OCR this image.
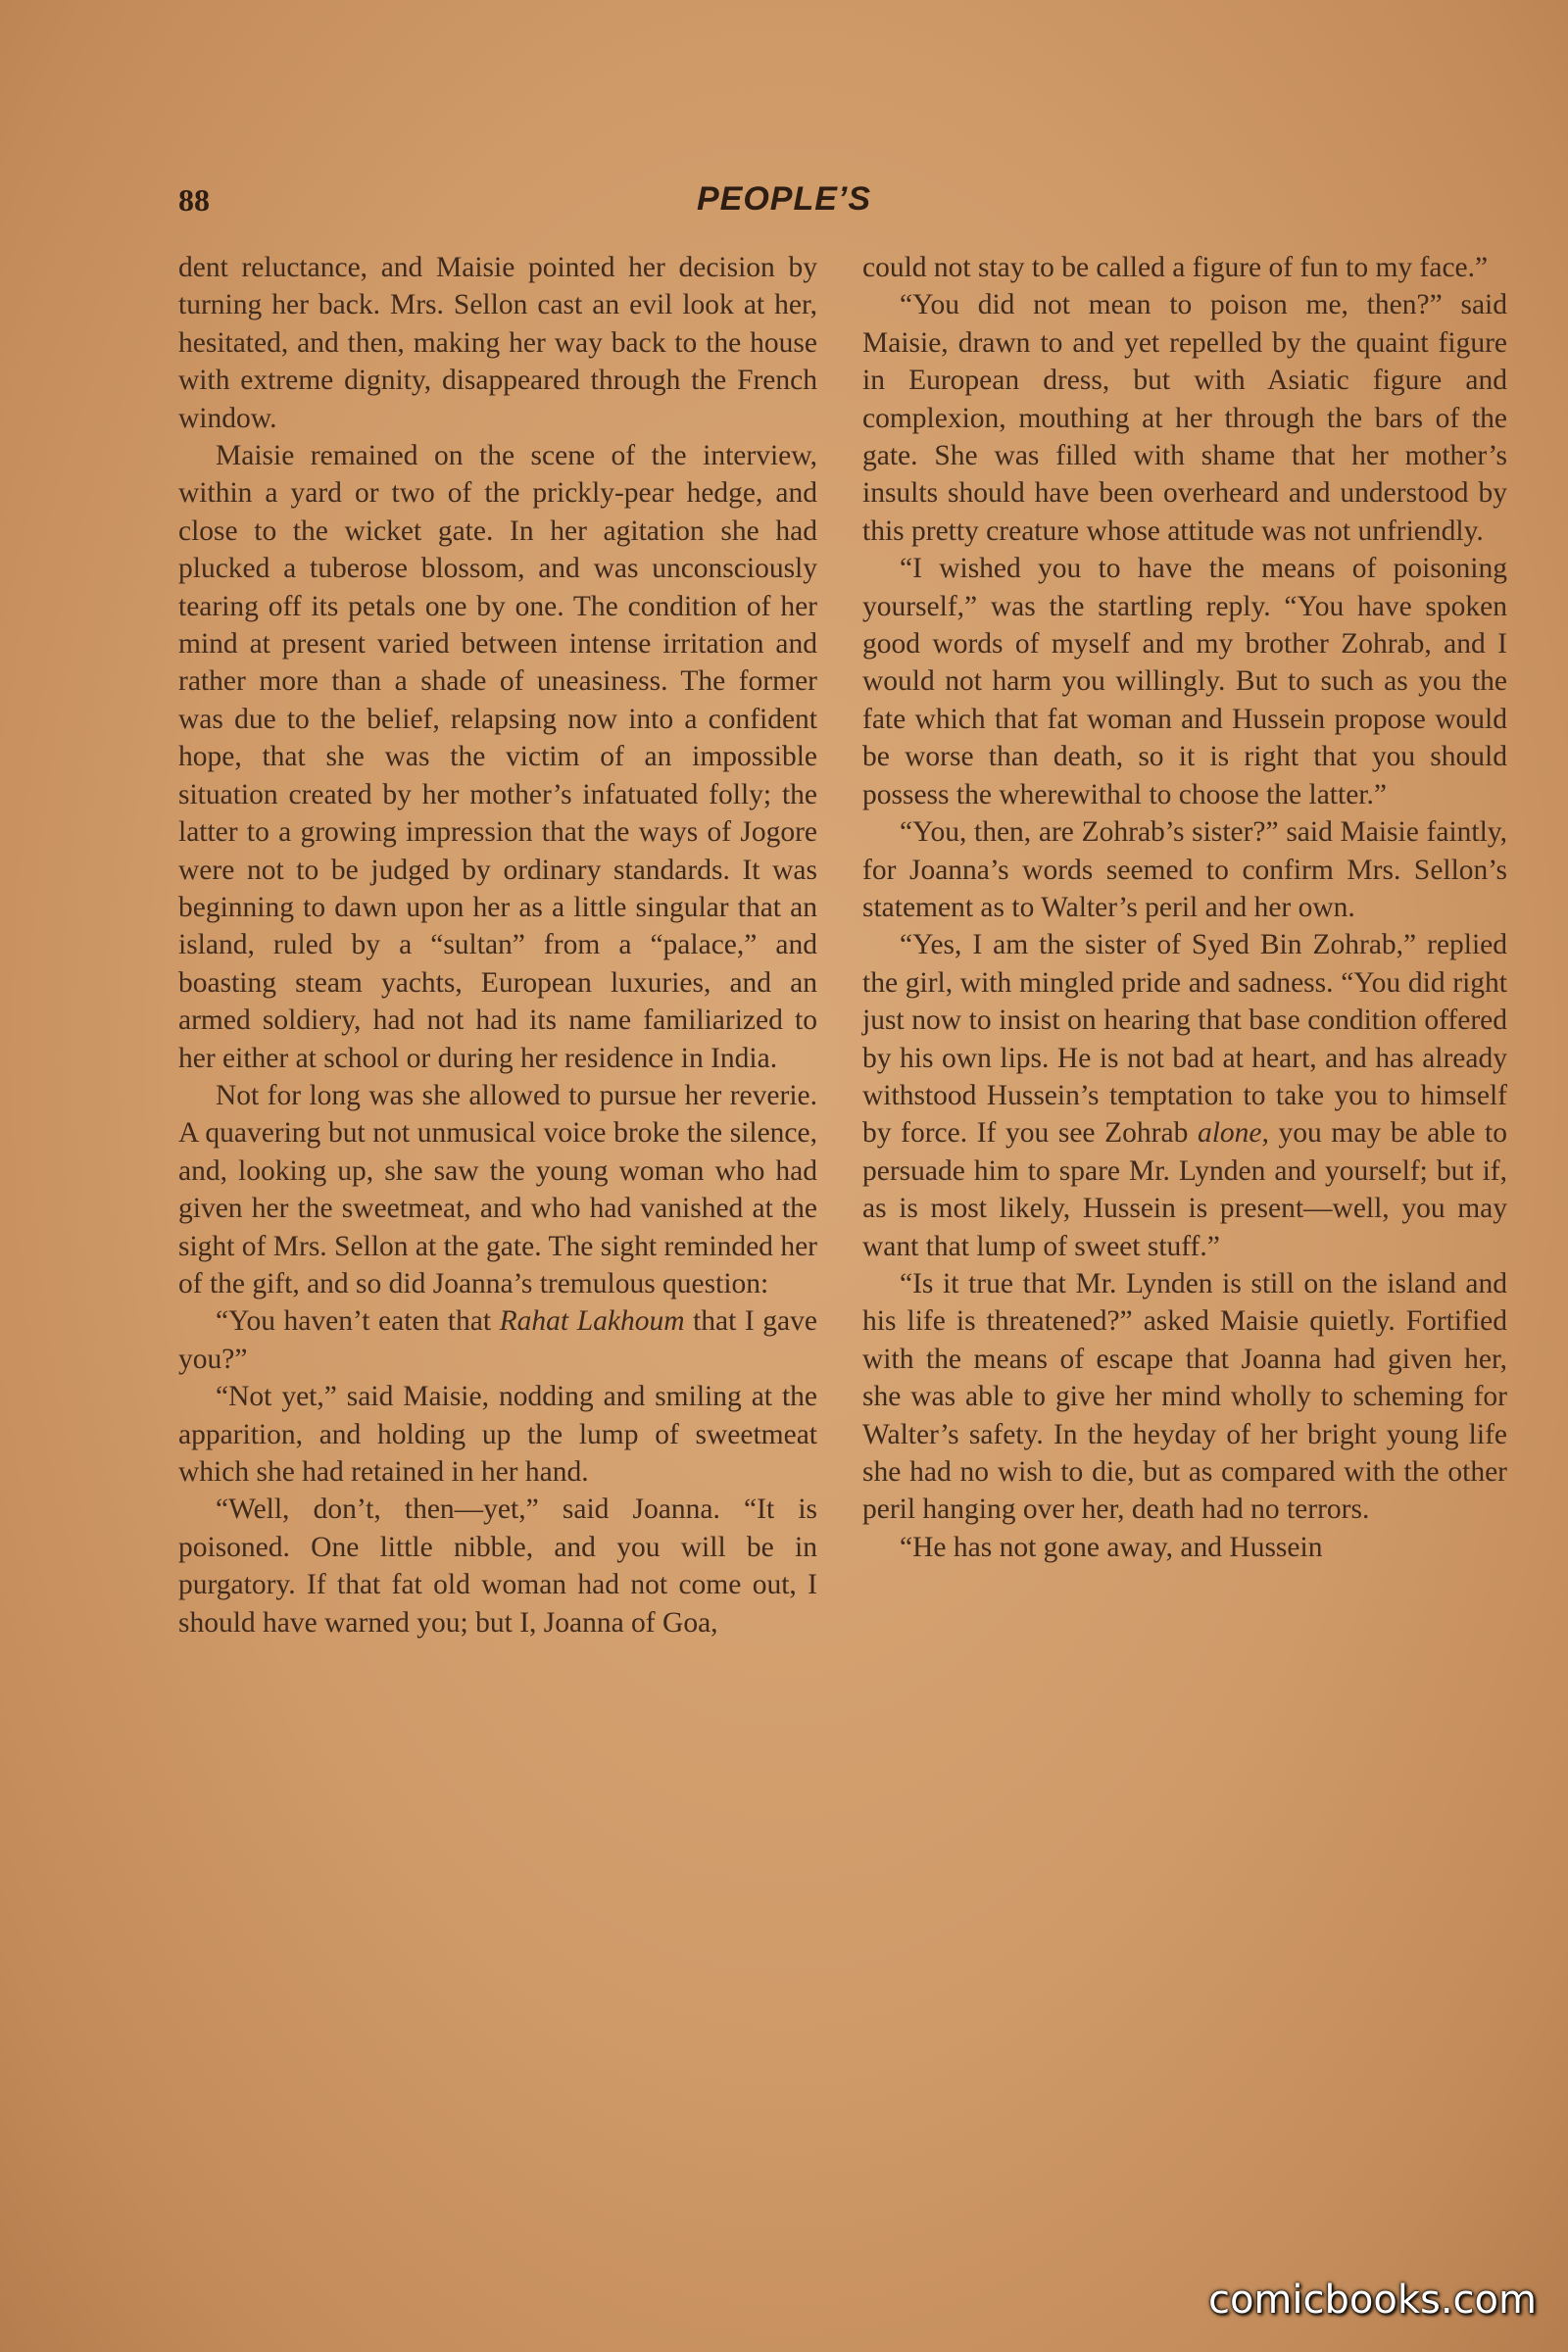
88	PEOPLE’S

dent reluctance, and Maisie pointed her decision by turning her back. Mrs. Sellon cast an evil look at her, hesitated, and then, making her way back to the house with extreme dignity, disappeared through the French window.

Maisie remained on the scene of the interview, within a yard or two of the prickly-pear hedge, and close to the wicket gate. In her agitation she had plucked a tuberose blossom, and was unconsciously tearing off its petals one by one. The condition of her mind at present varied between intense irritation and rather more than a shade of uneasiness. The former was due to the belief, relapsing now into a confident hope, that she was the victim of an impossible situation created by her mother’s infatuated folly; the latter to a growing impression that the ways of Jogore were not to be judged by ordinary standards. It was beginning to dawn upon her as a little singular that an island, ruled by a “sultan” from a “palace,” and boasting steam yachts, European luxuries, and an armed soldiery, had not had its name familiarized to her either at school or during her residence in India.

Not for long was she allowed to pursue her reverie. A quavering but not unmusical voice broke the silence, and, looking up, she saw the young woman who had given her the sweetmeat, and who had vanished at the sight of Mrs. Sellon at the gate. The sight reminded her of the gift, and so did Joanna’s tremulous question:

“You haven’t eaten that Rahat Lakhoum that I gave you?”

“Not yet,” said Maisie, nodding and smiling at the apparition, and holding up the lump of sweetmeat which she had retained in her hand.

“Well, don’t, then—yet,” said Joanna. “It is poisoned. One little nibble, and you will be in purgatory. If that fat old woman had not come out, I should have warned you; but I, Joanna of Goa,

could not stay to be called a figure of fun to my face.”

“You did not mean to poison me, then?” said Maisie, drawn to and yet repelled by the quaint figure in European dress, but with Asiatic figure and complexion, mouthing at her through the bars of the gate. She was filled with shame that her mother’s insults should have been overheard and understood by this pretty creature whose attitude was not unfriendly.

“I wished you to have the means of poisoning yourself,” was the startling reply. “You have spoken good words of myself and my brother Zohrab, and I would not harm you willingly. But to such as you the fate which that fat woman and Hussein propose would be worse than death, so it is right that you should possess the wherewithal to choose the latter.”

“You, then, are Zohrab’s sister?” said Maisie faintly, for Joanna’s words seemed to confirm Mrs. Sellon’s statement as to Walter’s peril and her own.

“Yes, I am the sister of Syed Bin Zohrab,” replied the girl, with mingled pride and sadness. “You did right just now to insist on hearing that base condition offered by his own lips. He is not bad at heart, and has already withstood Hussein’s temptation to take you to himself by force. If you see Zohrab alone, you may be able to persuade him to spare Mr. Lynden and yourself; but if, as is most likely, Hussein is present—well, you may want that lump of sweet stuff.”

“Is it true that Mr. Lynden is still on the island and his life is threatened?” asked Maisie quietly. Fortified with the means of escape that Joanna had given her, she was able to give her mind wholly to scheming for Walter’s safety. In the heyday of her bright young life she had no wish to die, but as compared with the other peril hanging over her, death had no terrors.

“He has not gone away, and Hussein

comicbooks.com
